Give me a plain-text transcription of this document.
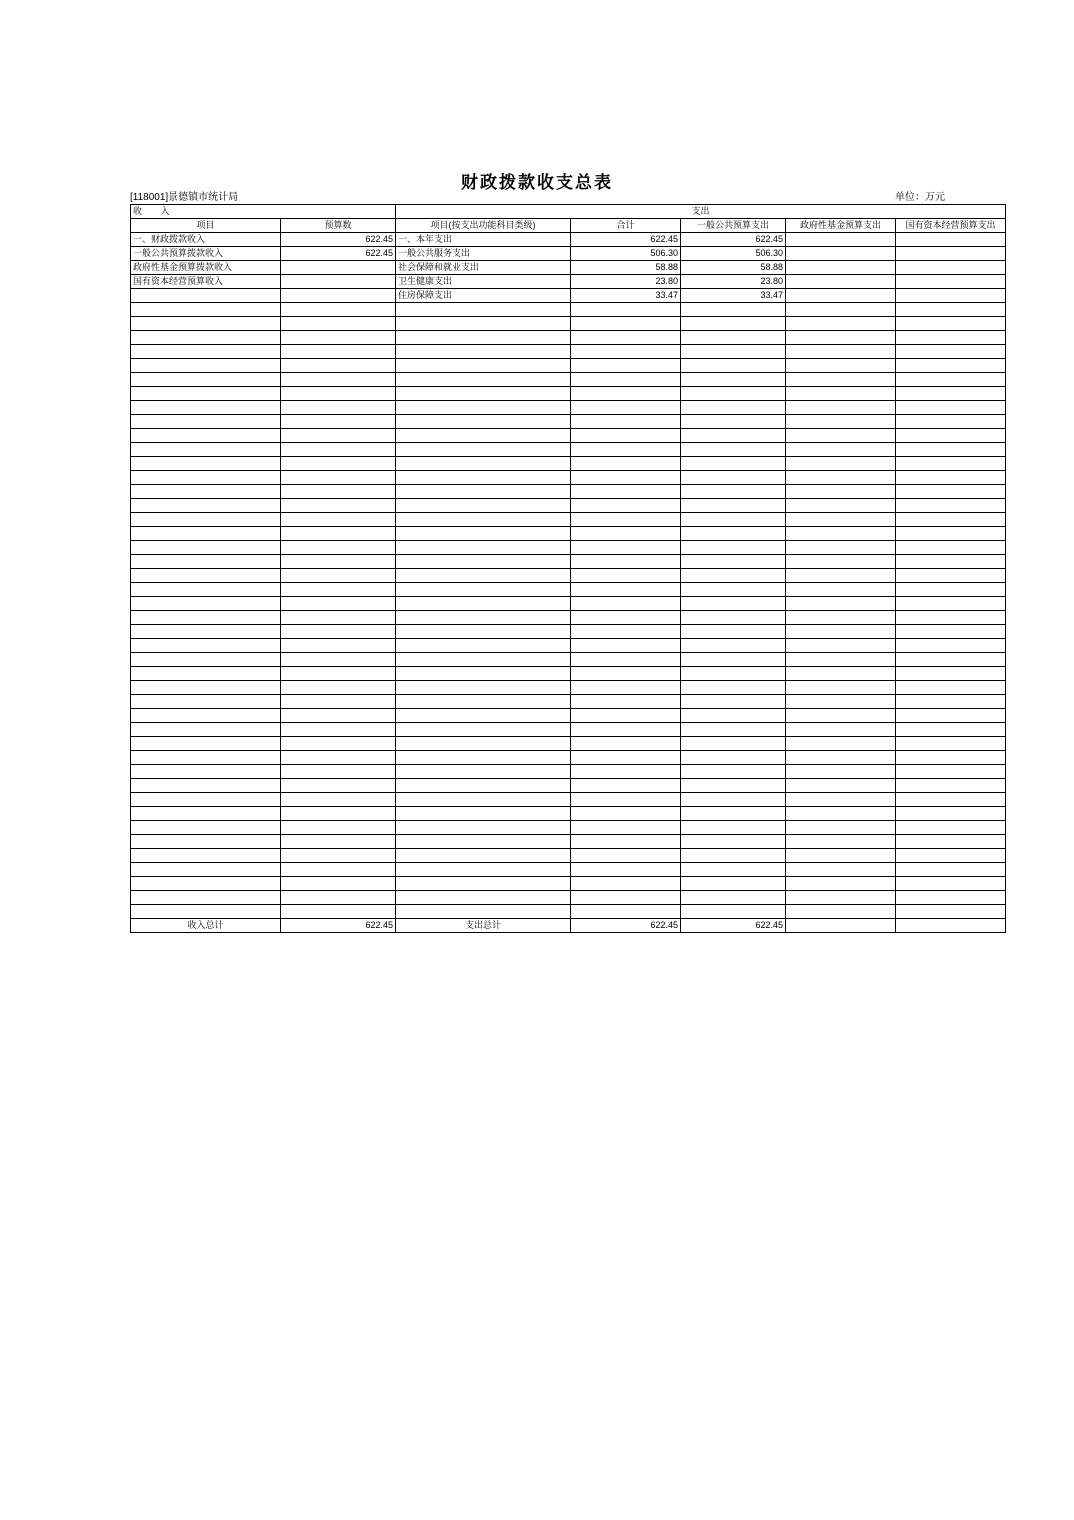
财政拨款收支总表
[118001]景德镇市统计局	单位：万元
收 入		支出				
项目	预算数	项目(按支出功能科目类级)	合计	一般公共预算支出	政府性基金预算支出	国有资本经营预算支出
一、财政拨款收入	622.45	一、本年支出	622.45	622.45		
一般公共预算拨款收入	622.45	一般公共服务支出	506.30	506.30		
政府性基金预算拨款收入		社会保障和就业支出	58.88	58.88		
国有资本经营预算收入		卫生健康支出	23.80	23.80		
		住房保障支出	33.47	33.47		

收入总计	622.45	支出总计	622.45	622.45		
